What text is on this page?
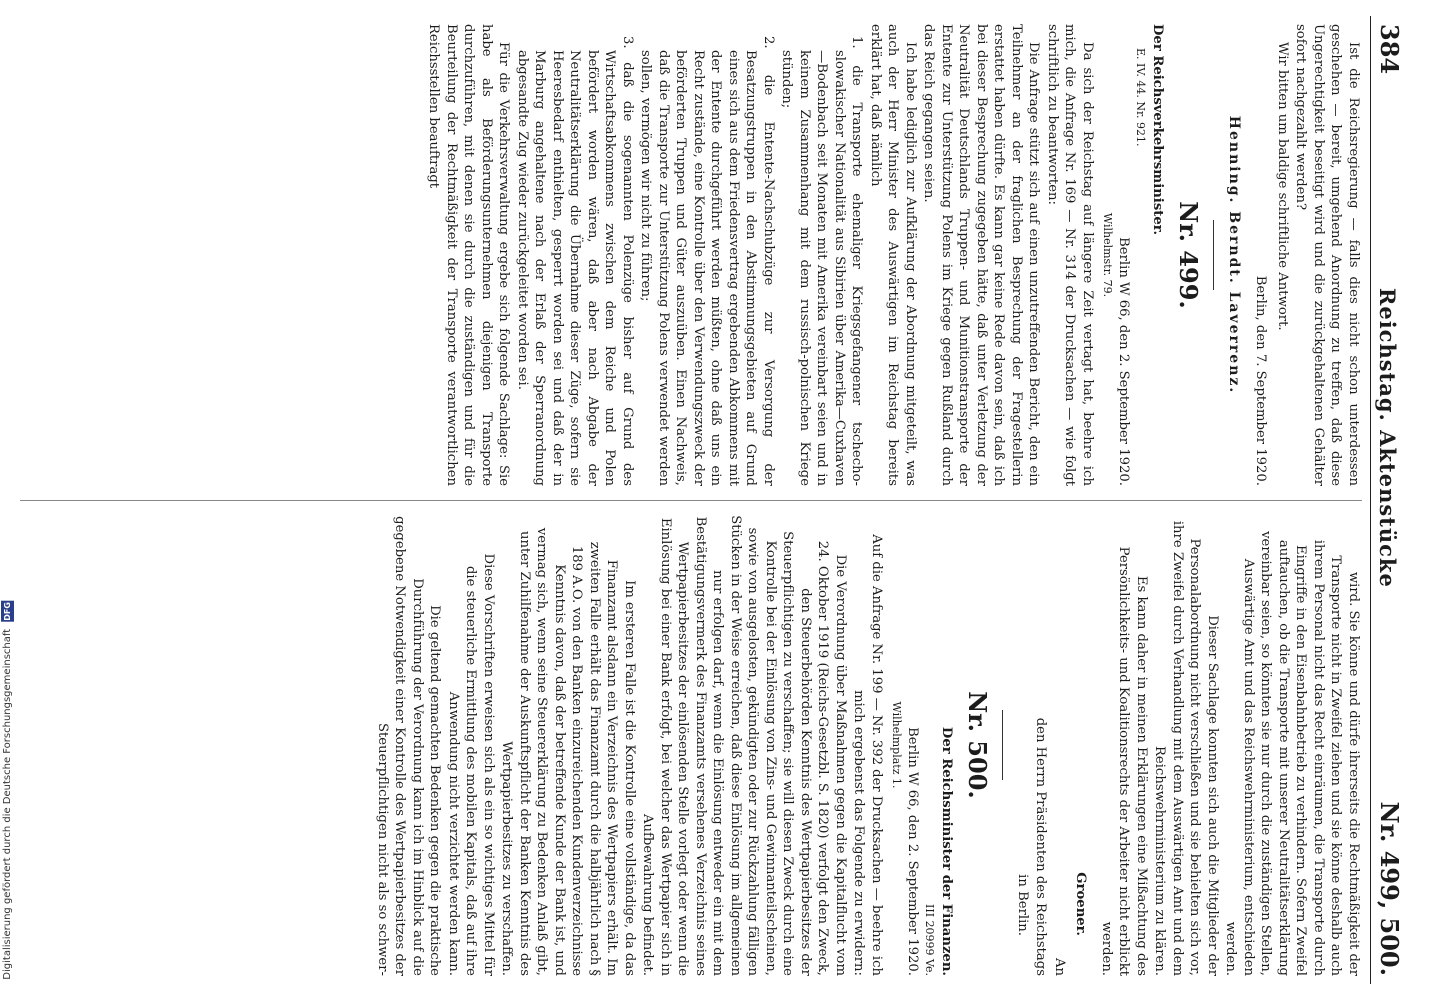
384
Reichstag. Aktenstücke
Nr. 499, 500.

Ist die Reichsregierung — falls dies nicht schon unterdessen geschehen — bereit, umgehend Anordnung zu treffen, daß diese Ungerechtigkeit beseitigt wird und die zurückgehaltenen Gehälter sofort nachgezahlt werden?

Wir bitten um baldige schriftliche Antwort.

Berlin, den 7. September 1920.

Henning. Berndt. Laverrenz.

Nr. 499.

Der Reichsverkehrsminister.

E. IV. 44. Nr. 921.

Berlin W 66, den 2. September 1920.

Wilhelmstr. 79.

Da sich der Reichstag auf längere Zeit vertagt hat, beehre ich mich, die Anfrage Nr. 169 — Nr. 314 der Drucksachen — wie folgt schriftlich zu beantworten:

Die Anfrage stützt sich auf einen unzutreffenden Bericht, den ein Teilnehmer an der fraglichen Besprechung der Fragestellerin erstattet haben dürfte. Es kann gar keine Rede davon sein, daß ich bei dieser Besprechung zugegeben hätte, daß unter Verletzung der Neutralität Deutschlands Truppen- und Munitionstransporte der Entente zur Unterstützung Polens im Kriege gegen Rußland durch das Reich gegangen seien.

Ich habe lediglich zur Aufklärung der Abordnung mitgeteilt, was auch der Herr Minister des Auswärtigen im Reichstag bereits erklärt hat, daß nämlich

1. die Transporte ehemaliger Kriegsgefangener tschecho-slowakischer Nationalität aus Sibirien über Amerika—Cuxhaven—Bodenbach seit Monaten mit Amerika vereinbart seien und in keinem Zusammenhang mit dem russisch-polnischen Kriege stünden;

2. die Entente-Nachschubzüge zur Versorgung der Besatzungstruppen in den Abstimmungsgebieten auf Grund eines sich aus dem Friedensvertrag ergebenden Abkommens mit der Entente durchgeführt werden müßten, ohne daß uns ein Recht zustände, eine Kontrolle über den Verwendungszweck der beförderten Truppen und Güter auszuüben. Einen Nachweis, daß die Transporte zur Unterstützung Polens verwendet werden sollen, vermögen wir nicht zu führen;

3. daß die sogenannten Polenzüge bisher auf Grund des Wirtschaftsabkommens zwischen dem Reiche und Polen befördert worden wären, daß aber nach Abgabe der Neutralitätserklärung die Übernahme dieser Züge, sofern sie Heeresbedarf enthielten, gesperrt worden sei und daß der in Marburg angehaltene nach der Erlaß der Sperranordnung abgesandte Zug wieder zurückgeleitet worden sei.

Für die Verkehrsverwaltung ergebe sich folgende Sachlage: Sie habe als Beförderungsunternehmen diejenigen Transporte durchzuführen, mit denen sie durch die zuständigen und für die Beurteilung der Rechtmäßigkeit der Transporte verantwortlichen Reichsstellen beauftragt

wird. Sie könne und dürfe ihrerseits die Rechtmäßigkeit der Transporte nicht in Zweifel ziehen und sie könne deshalb auch ihrem Personal nicht das Recht einräumen, die Transporte durch Eingriffe in den Eisenbahnbetrieb zu verhindern. Sofern Zweifel auftauchen, ob die Transporte mit unserer Neutralitätserklärung vereinbar seien, so könnten sie nur durch die zuständigen Stellen, Auswärtige Amt und das Reichswehrministerium, entschieden werden.

Dieser Sachlage konnten sich auch die Mitglieder der Personalabordnung nicht verschließen und sie behielten sich vor, ihre Zweifel durch Verhandlung mit dem Auswärtigen Amt und dem Reichswehrministerium zu klären.

Es kann daher in meinen Erklärungen eine Mißachtung des Persönlichkeits- und Koalitionsrechts der Arbeiter nicht erblickt werden.

Groener.

An

den Herrn Präsidenten des Reichstags

in Berlin.

Nr. 500.

Der Reichsminister der Finanzen.

III 20999 Ve.

Berlin W 66, den 2. September 1920.

Wilhelmplatz 1.

Auf die Anfrage Nr. 199 — Nr. 392 der Drucksachen — beehre ich mich ergebenst das Folgende zu erwidern:

Die Verordnung über Maßnahmen gegen die Kapitalflucht vom 24. Oktober 1919 (Reichs-Gesetzbl. S. 1820) verfolgt den Zweck, den Steuerbehörden Kenntnis des Wertpapierbesitzes der Steuerpflichtigen zu verschaffen; sie will diesen Zweck durch eine Kontrolle bei der Einlösung von Zins- und Gewinnanteilscheinen, sowie von ausgelosten, gekündigten oder zur Rückzahlung fälligen Stücken in der Weise erreichen, daß diese Einlösung im allgemeinen nur erfolgen darf, wenn die Einlösung entweder ein mit dem Bestätigungsvermerk des Finanzamts versehenes Verzeichnis seines Wertpapierbesitzes der einlösenden Stelle vorlegt oder wenn die Einlösung bei einer Bank erfolgt, bei welcher das Wertpapier sich in Aufbewahrung befindet.

Im ersteren Falle ist die Kontrolle eine vollständige, da das Finanzamt alsdann ein Verzeichnis des Wertpapiers erhält. Im zweiten Falle erhält das Finanzamt durch die halbjährlich nach § 189 A.O. von den Banken einzureichenden Kundenverzeichnisse Kenntnis davon, daß der betreffende Kunde der Bank ist, und vermag sich, wenn seine Steuererklärung zu Bedenken Anlaß gibt, unter Zuhilfenahme der Auskunftspflicht der Banken Kenntnis des Wertpapierbesitzes zu verschaffen.

Diese Vorschriften erweisen sich als ein so wichtiges Mittel für die steuerliche Ermittlung des mobilen Kapitals, daß auf ihre Anwendung nicht verzichtet werden kann.

Die geltend gemachten Bedenken gegen die praktische Durchführung der Verordnung kann ich im Hinblick auf die gegebene Notwendigkeit einer Kontrolle des Wertpapierbesitzes der Steuerpflichtigen nicht als so schwer-

Digitalisierung gefördert durch die Deutsche Forschungsgemeinschaft DFG
